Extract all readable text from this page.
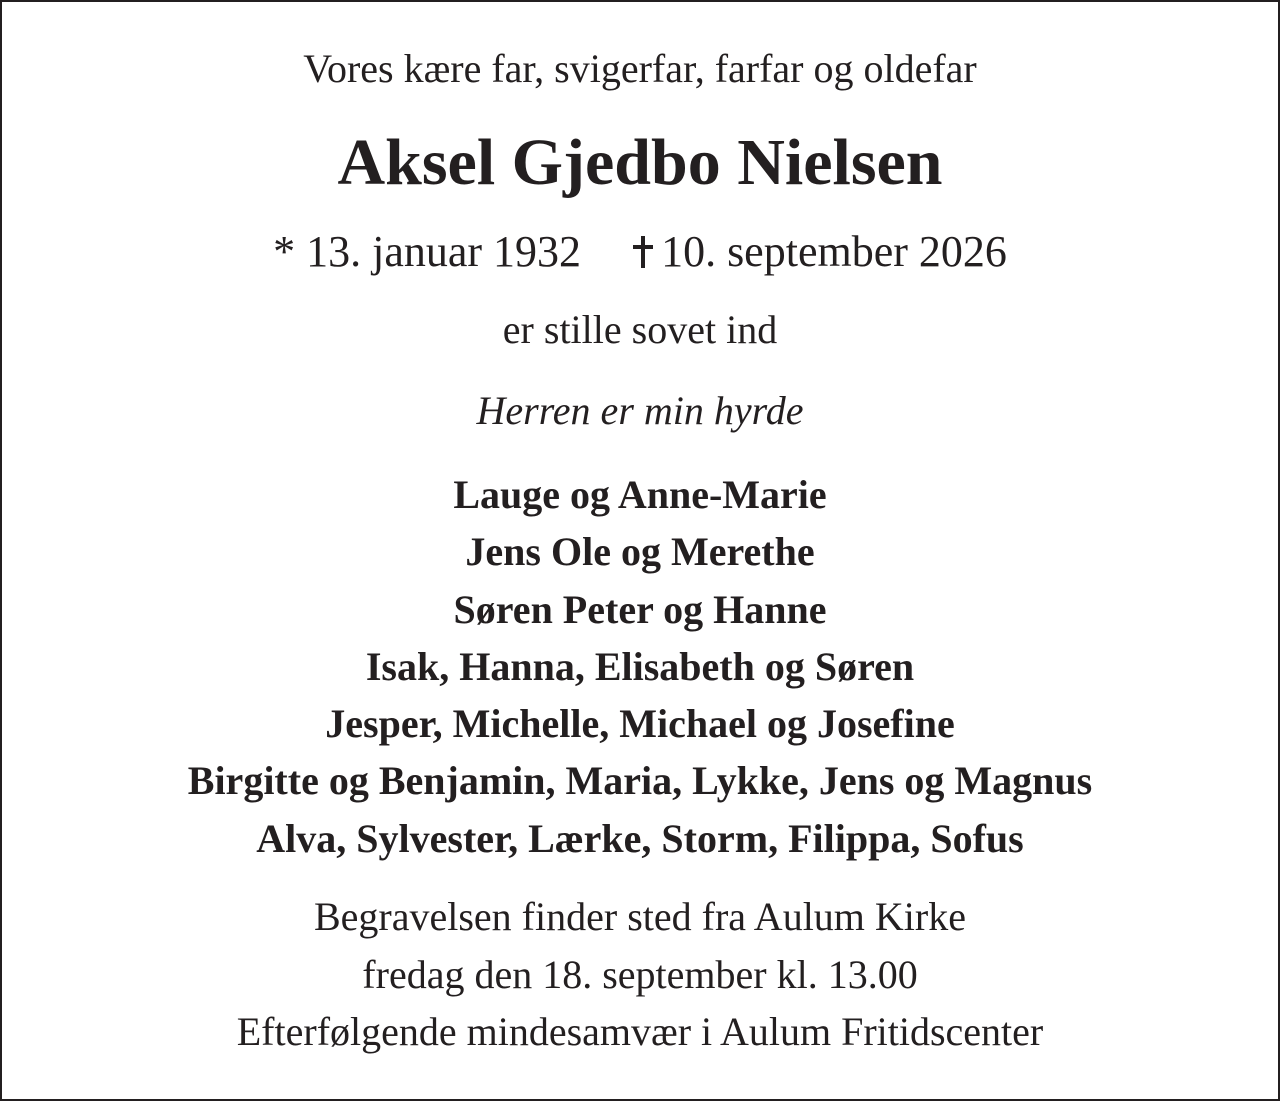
Vores kære far, svigerfar, farfar og oldefar
Aksel Gjedbo Nielsen
* 13. januar 1932 10. september 2026
er stille sovet ind
Herren er min hyrde
Lauge og Anne-Marie
Jens Ole og Merethe
Søren Peter og Hanne
Isak, Hanna, Elisabeth og Søren
Jesper, Michelle, Michael og Josefine
Birgitte og Benjamin, Maria, Lykke, Jens og Magnus
Alva, Sylvester, Lærke, Storm, Filippa, Sofus
Begravelsen finder sted fra Aulum Kirke
fredag den 18. september kl. 13.00
Efterfølgende mindesamvær i Aulum Fritidscenter
